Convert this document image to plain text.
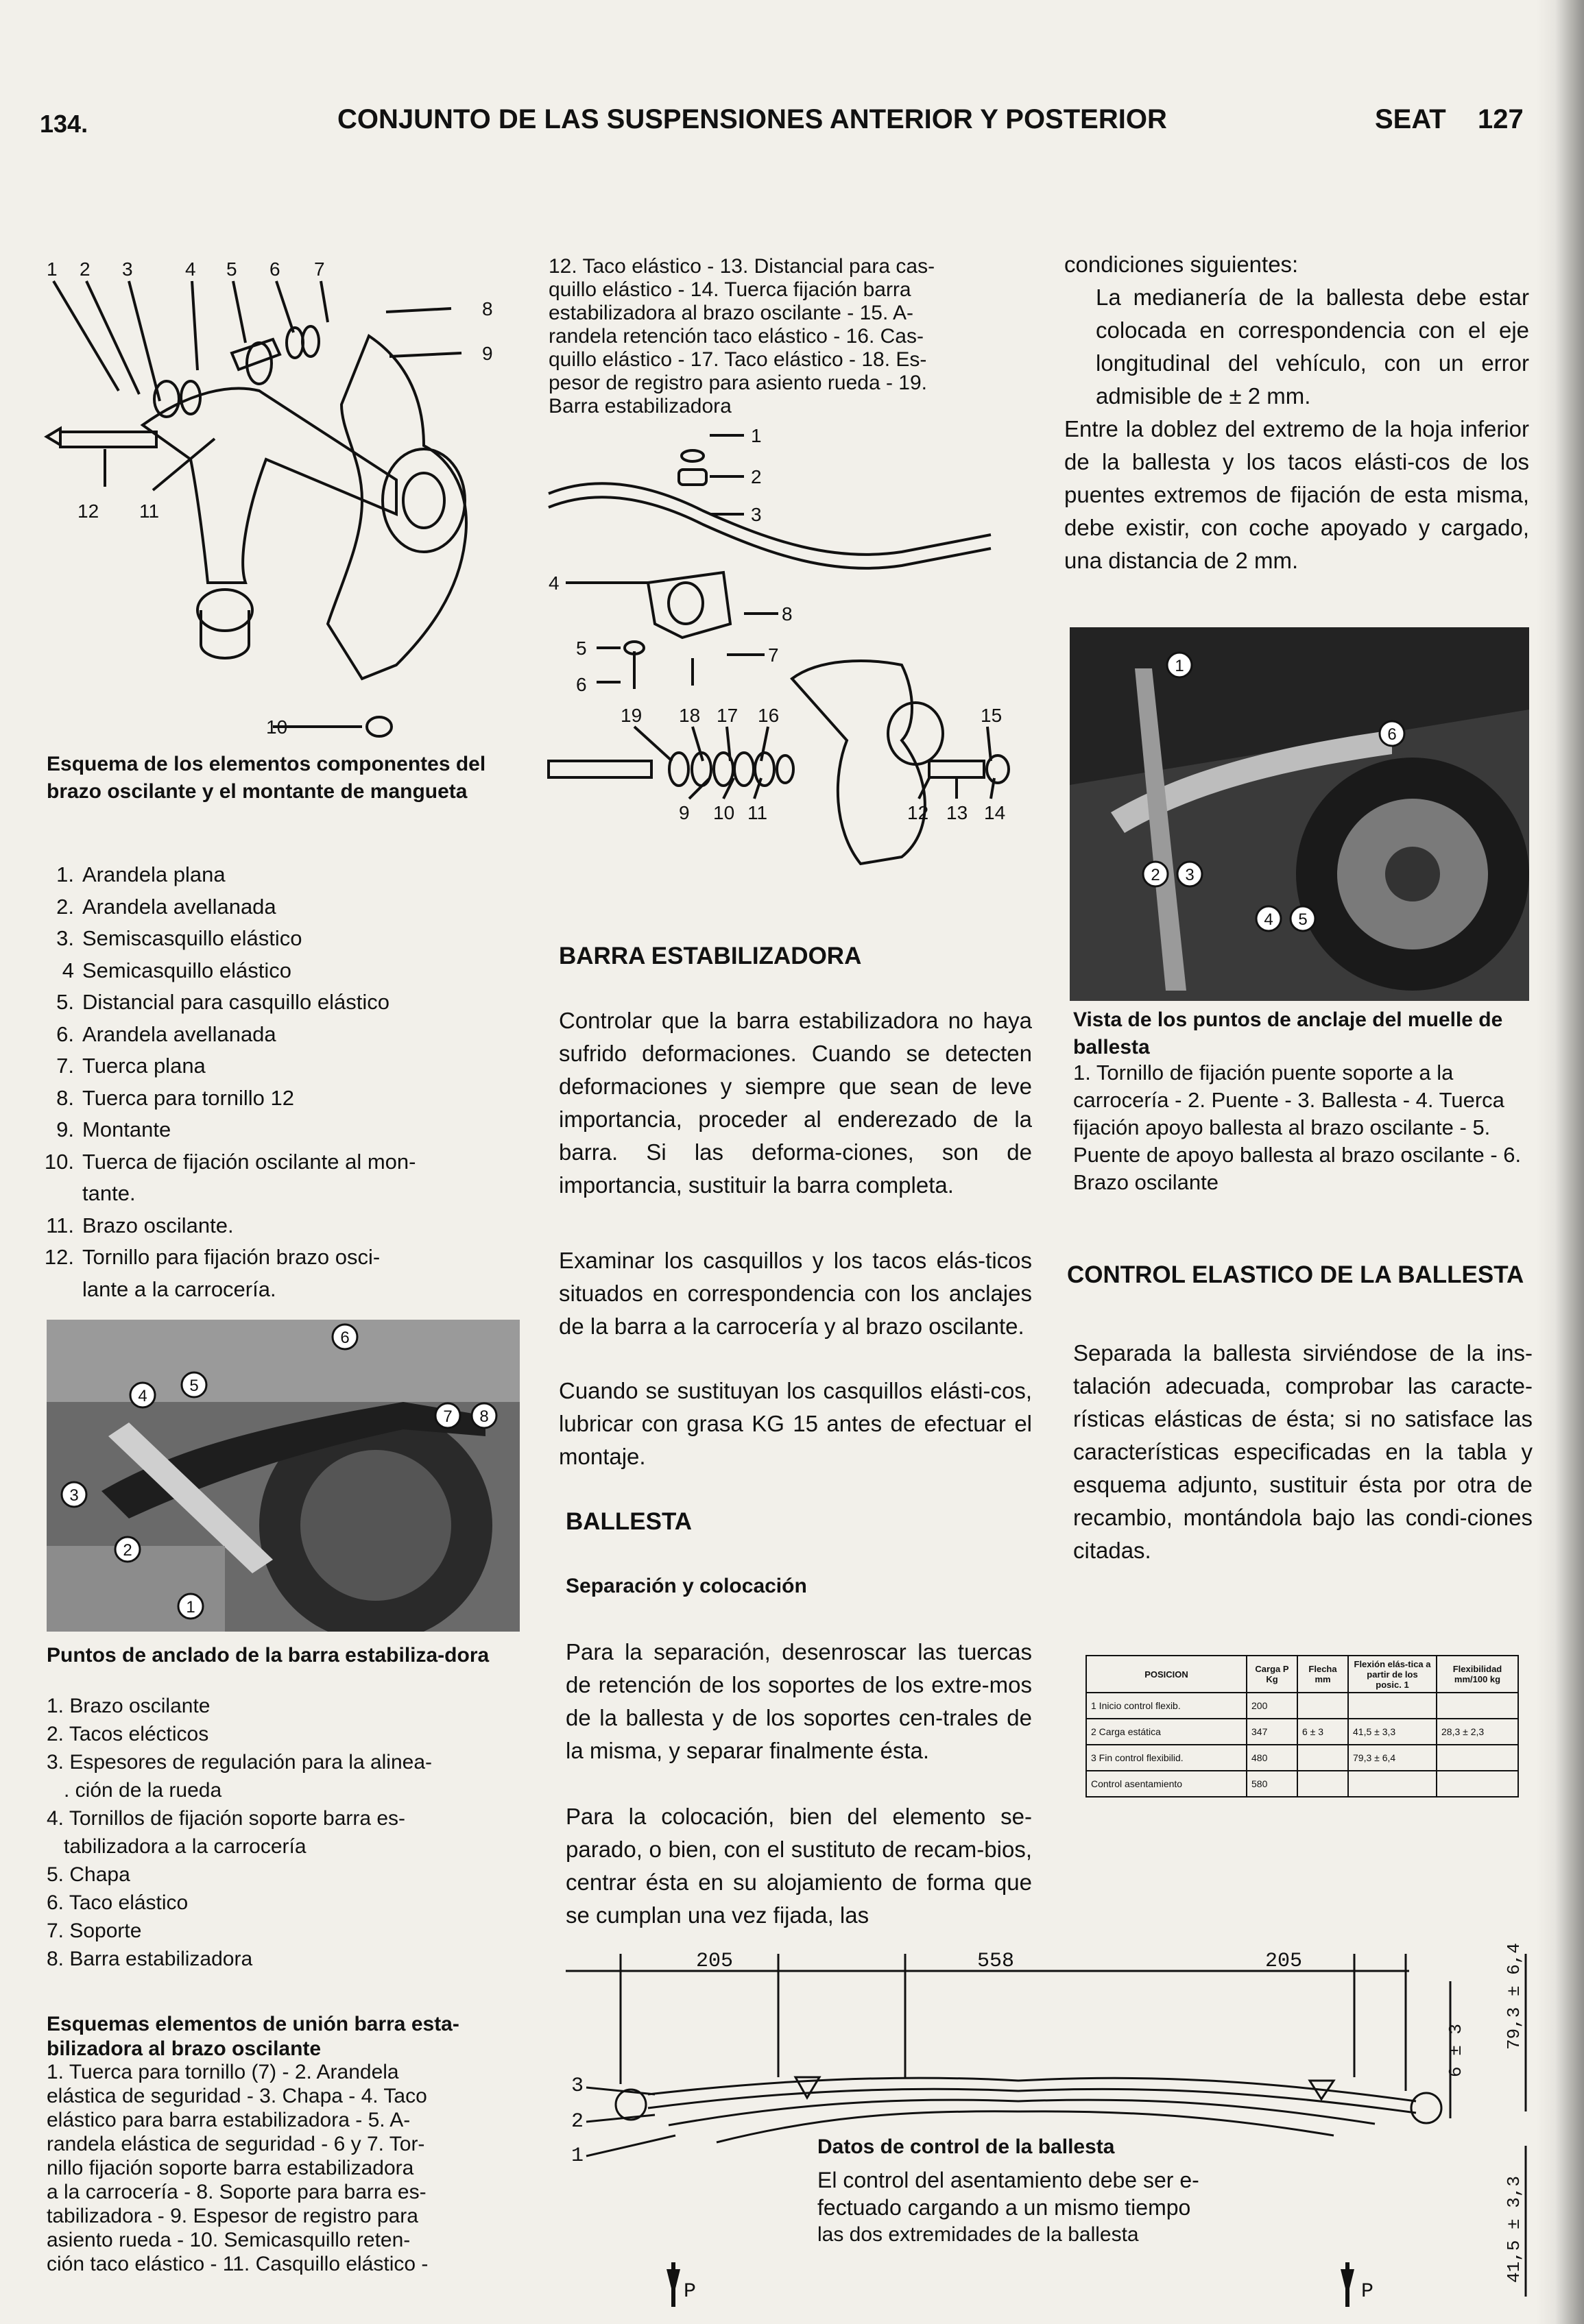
134.	CONJUNTO DE LAS SUSPENSIONES ANTERIOR Y POSTERIOR	SEAT 127
1 2 3	4 5 6 7
8
9
12 11
10
Esquema de los elementos componentes del brazo oscilante y el montante de mangueta
1. Arandela plana
2. Arandela avellanada
3. Semiscasquillo elástico
4 Semicasquillo elástico
5. Distancial para casquillo elástico
6. Arandela avellanada
7. Tuerca plana
8. Tuerca para tornillo 12
9. Montante
10. Tuerca de fijación oscilante al mon-
tante.
11. Brazo oscilante.
12. Tornillo para fijación brazo osci-
lante a la carrocería.
6
5
4
7 8
3
2
1
Puntos de anclado de la barra estabiliza-dora
1. Brazo oscilante
2. Tacos eléсticos
3. Espesores de regulación para la alinea-
. ción de la rueda
4. Tornillos de fijación soporte barra es-
tabilizadora a la carrocería
5. Chapa
6. Taco elástico
7. Soporte
8. Barra estabilizadora
Esquemas elementos de unión barra esta-bilizadora al brazo oscilante
1. Tuerca para tornillo (7) - 2. Arandela
elástica de seguridad - 3. Chapa - 4. Taco
elástico para barra estabilizadora - 5. A-
randela elástica de seguridad - 6 y 7. Tor-
nillo fijación soporte barra estabilizadora
a la carrocería - 8. Soporte para barra es-
tabilizadora - 9. Espesor de registro para
asiento rueda - 10. Semicasquillo reten-
ción taco elástico - 11. Casquillo elástico -
12. Taco elástico - 13. Distancial para cas-
quillo elástico - 14. Tuerca fijación barra
estabilizadora al brazo oscilante - 15. A-
randela retención taco elástico - 16. Cas-
quillo elástico - 17. Taco elástico - 18. Es-
pesor de registro para asiento rueda - 19.
Barra estabilizadora
1
2
3
4
8
5	7
6
19 18 17 16	15
9 10 11	12 13 14
BARRA ESTABILIZADORA
Controlar que la barra estabilizadora no haya sufrido deformaciones. Cuando se detecten deformaciones y siempre que sean de leve importancia, proceder al enderezado de la barra. Si las deforma-ciones, son de importancia, sustituir la barra completa.
Examinar los casquillos y los tacos elás-ticos situados en correspondencia con los anclajes de la barra a la carrocería y al brazo oscilante.
Cuando se sustituyan los casquillos elásti-cos, lubricar con grasa KG 15 antes de efectuar el montaje.
BALLESTA
Separación y colocación
Para la separación, desenroscar las tuercas de retención de los soportes de los extre-mos de la ballesta y de los soportes cen-trales de la misma, y separar finalmente ésta.
Para la colocación, bien del elemento se-parado, o bien, con el sustituto de recam-bios, centrar ésta en su alojamiento de forma que se cumplan una vez fijada, las
condiciones siguientes:
La medianería de la ballesta debe estar colocada en correspondencia con el eje longitudinal del vehículo, con un error admisible de ± 2 mm.
Entre la doblez del extremo de la hoja inferior de la ballesta y los tacos elásti-cos de los puentes extremos de fijación de esta misma, debe existir, con coche apoyado y cargado, una distancia de 2 mm.
1
6
2 3
4 5
Vista de los puntos de anclaje del muelle de ballesta
1. Tornillo de fijación puente soporte a la carrocería - 2. Puente - 3. Ballesta - 4. Tuerca fijación apoyo ballesta al brazo oscilante - 5. Puente de apoyo ballesta al brazo oscilante - 6. Brazo oscilante
CONTROL ELASTICO DE LA BALLESTA
Separada la ballesta sirviéndose de la ins-talación adecuada, comprobar las caracte-rísticas elásticas de ésta; si no satisface las características especificadas en la tabla y esquema adjunto, sustituir ésta por otra de recambio, montándola bajo las condi-ciones citadas.
POSICION	Carga P Kg	Flecha mm	Flexión elás-tica a partir de los posic. 1	Flexibilidad mm/100 kg
1 Inicio control flexib.	200			
2 Carga estática	347	6 ± 3	41,5 ± 3,3	28,3 ± 2,3
3 Fin control flexibilid.	480		79,3 ± 6,4	
Control asentamiento	580			
205	558	205
3
2
1
P	P
6 ± 3
79,3 ± 6,4
41,5 ± 3,3
Datos de control de la ballesta
El control del asentamiento debe ser e-
fectuado cargando a un mismo tiempo
las dos extremidades de la ballesta
